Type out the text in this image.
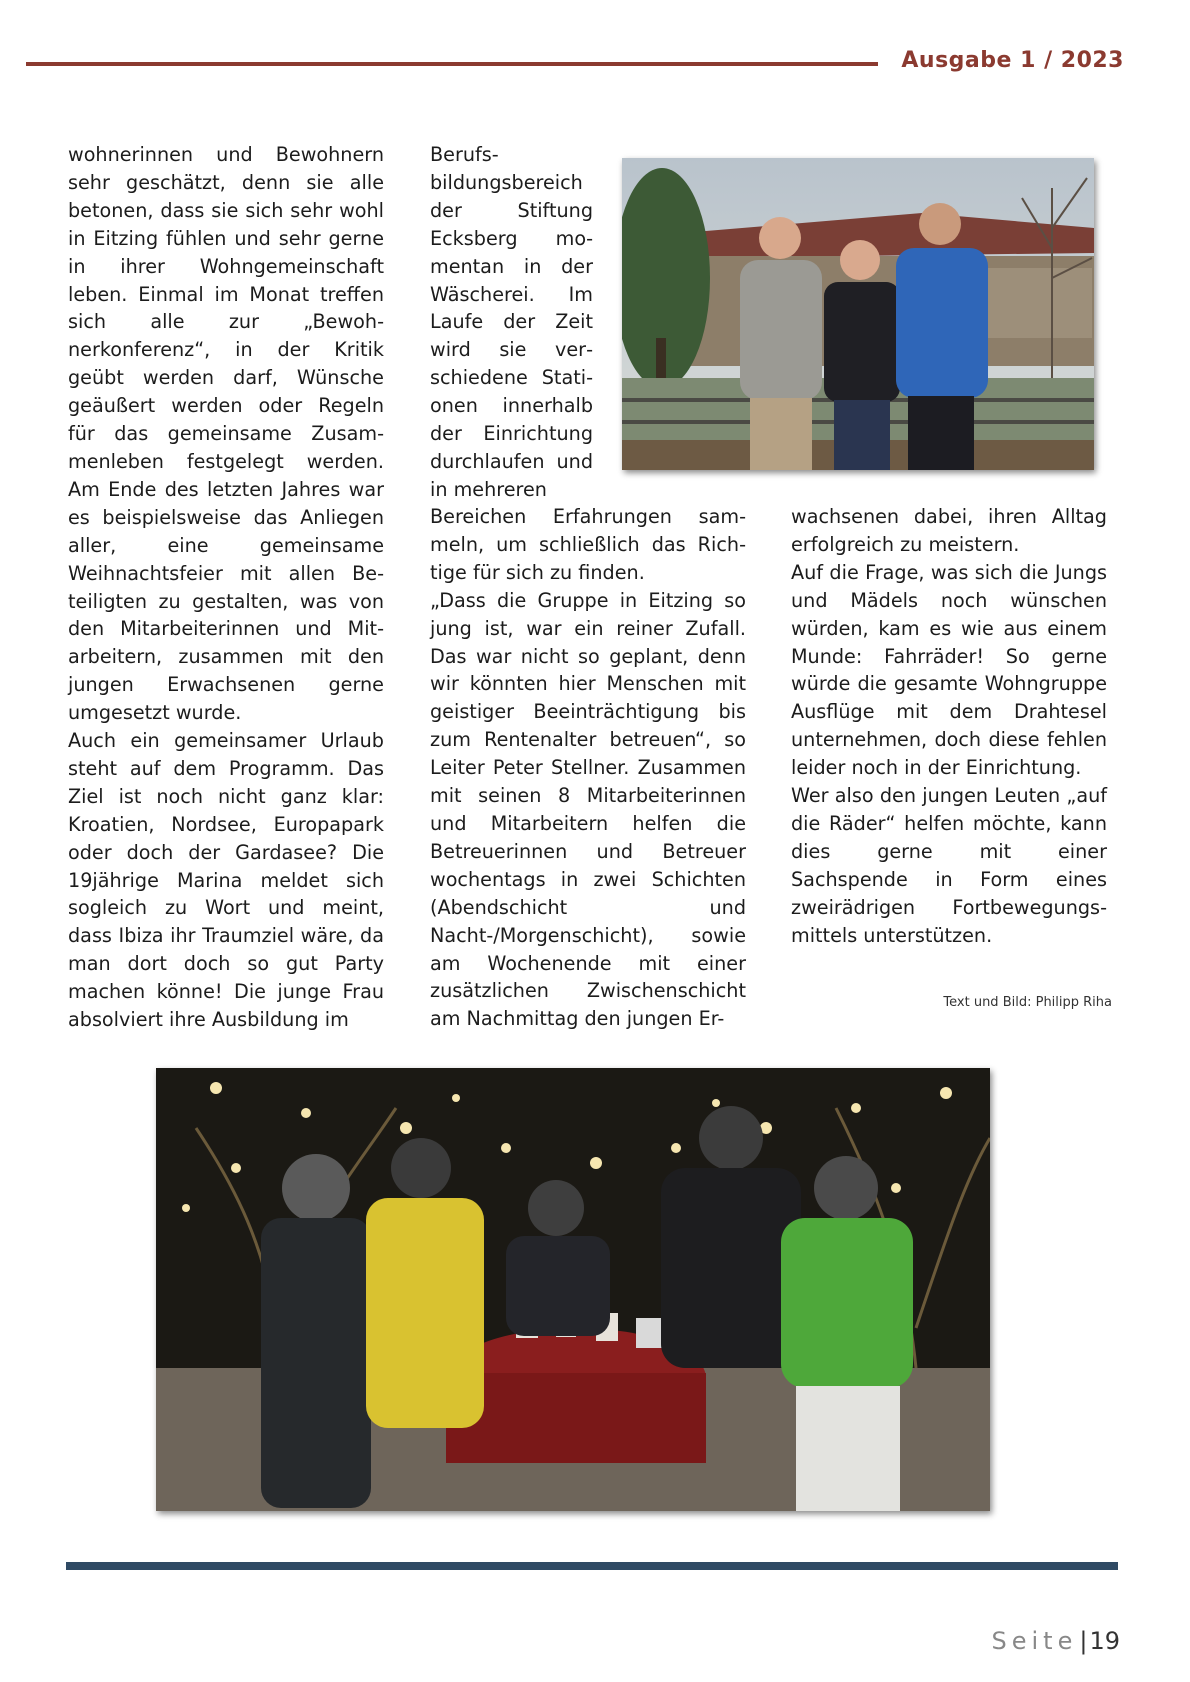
Ausgabe 1 / 2023

wohnerinnen und Bewohnern sehr geschätzt, denn sie alle betonen, dass sie sich sehr wohl in Eitzing fühlen und sehr gerne in ihrer Wohngemeinschaft leben. Einmal im Monat treffen sich alle zur „Bewohnerkonferenz“, in der Kritik geübt werden darf, Wünsche geäußert werden oder Regeln für das gemeinsame Zusammenleben festgelegt werden. Am Ende des letzten Jahres war es beispielsweise das Anliegen aller, eine gemeinsame Weihnachtsfeier mit allen Beteiligten zu gestalten, was von den Mitarbeiterinnen und Mitarbeitern, zusammen mit den jungen Erwachsenen gerne umgesetzt wurde.

Auch ein gemeinsamer Urlaub steht auf dem Programm. Das Ziel ist noch nicht ganz klar: Kroatien, Nordsee, Europapark oder doch der Gardasee? Die 19jährige Marina meldet sich sogleich zu Wort und meint, dass Ibiza ihr Traumziel wäre, da man dort doch so gut Party machen könne! Die junge Frau absolviert ihre Ausbildung im

Berufsbildungsbereich der Stiftung Ecksberg momentan in der Wäscherei. Im Laufe der Zeit wird sie verschiedene Stationen innerhalb der Einrichtung durchlaufen und in mehreren

Bereichen Erfahrungen sammeln, um schließlich das Richtige für sich zu finden.

„Dass die Gruppe in Eitzing so jung ist, war ein reiner Zufall. Das war nicht so geplant, denn wir könnten hier Menschen mit geistiger Beeinträchtigung bis zum Rentenalter betreuen“, so Leiter Peter Stellner. Zusammen mit seinen 8 Mitarbeiterinnen und Mitarbeitern helfen die Betreuerinnen und Betreuer wochentags in zwei Schichten (Abendschicht und Nacht-/Morgenschicht), sowie am Wochenende mit einer zusätzlichen Zwischenschicht am Nachmittag den jungen Er-

wachsenen dabei, ihren Alltag erfolgreich zu meistern.

Auf die Frage, was sich die Jungs und Mädels noch wünschen würden, kam es wie aus einem Munde: Fahrräder! So gerne würde die gesamte Wohngruppe Ausflüge mit dem Drahtesel unternehmen, doch diese fehlen leider noch in der Einrichtung.

Wer also den jungen Leuten „auf die Räder“ helfen möchte, kann dies gerne mit einer Sachspende in Form eines zweirädrigen Fortbewegungsmittels unterstützen.

Text und Bild: Philipp Riha
Seite|19
